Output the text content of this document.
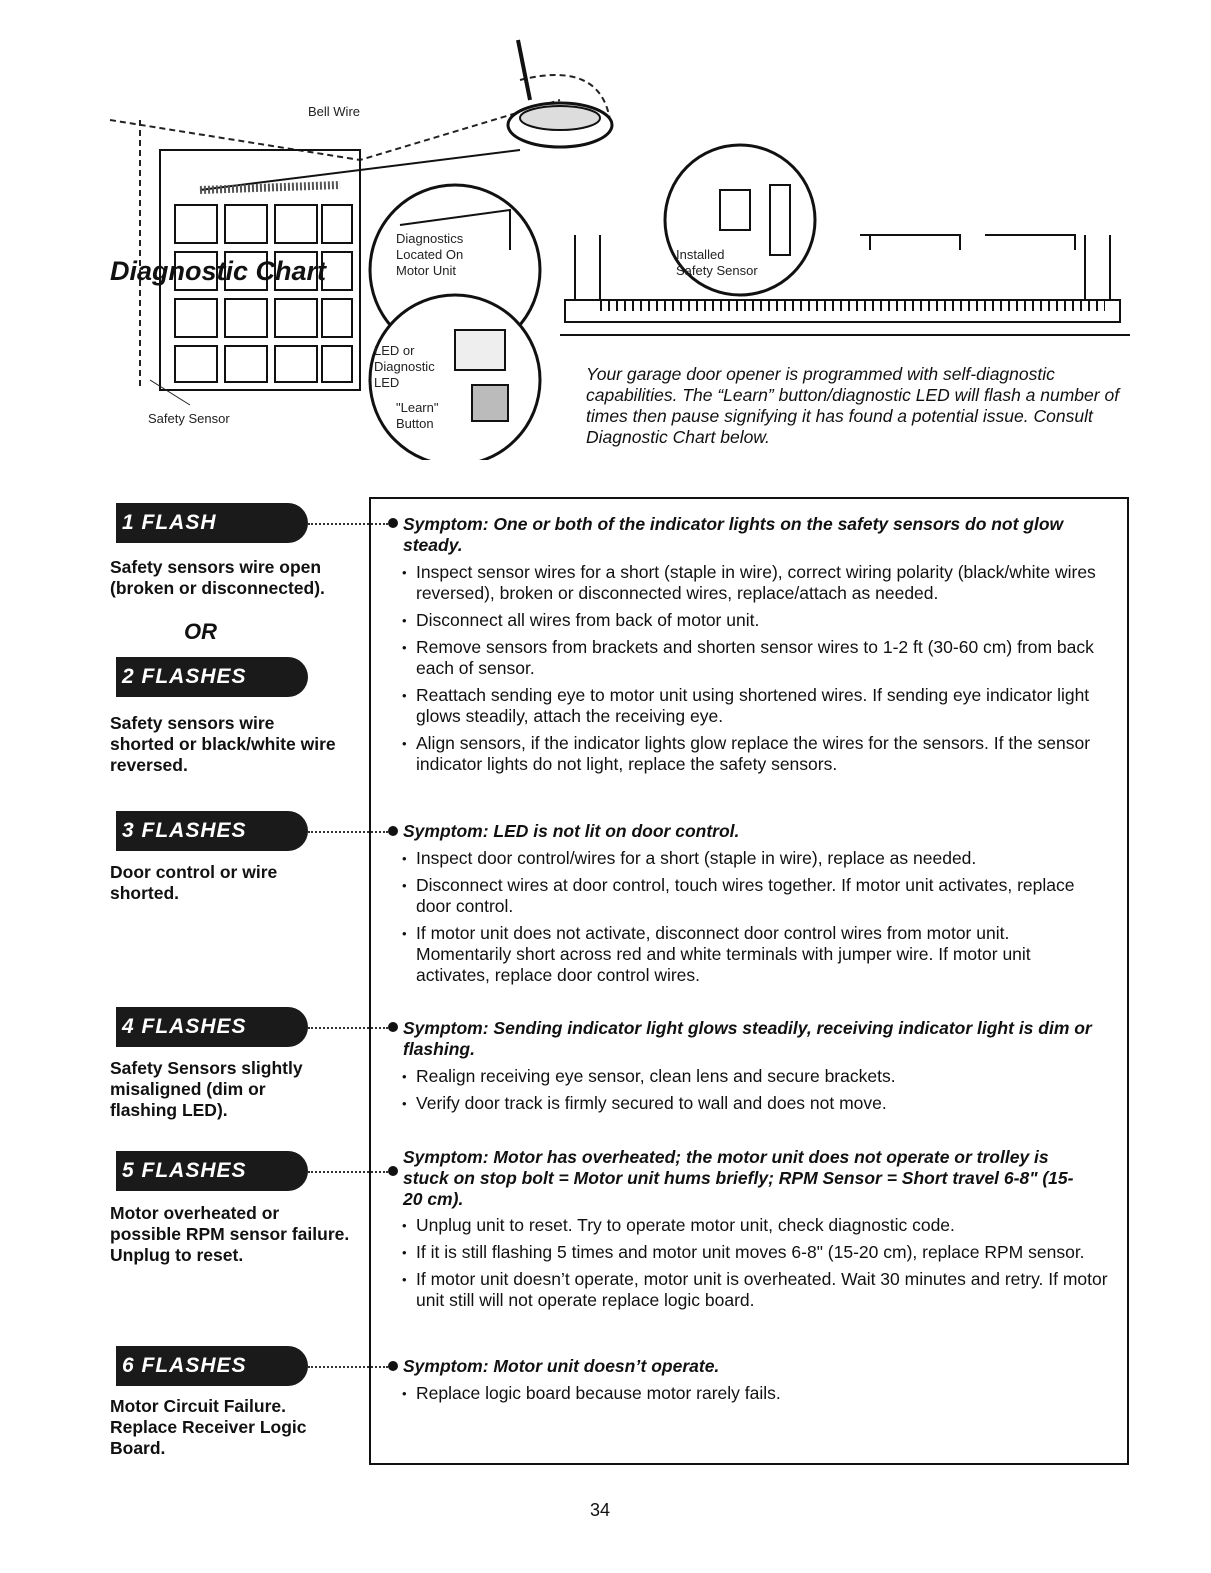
Bell Wire
Diagnostics
Located On
Motor Unit
LED or
Diagnostic
LED
"Learn"
Button
Installed
Safety Sensor
Safety Sensor
Your garage door opener is programmed with self-diagnostic capabilities. The “Learn” button/diagnostic LED will flash a number of times then pause signifying it has found a potential issue. Consult Diagnostic Chart below.
Diagnostic Chart
1 FLASH
Safety sensors wire open (broken or disconnected).
OR
2 FLASHES
Safety sensors wire shorted or black/white wire reversed.
3 FLASHES
Door control or wire shorted.
4 FLASHES
Safety Sensors slightly misaligned (dim or flashing LED).
5 FLASHES
Motor overheated or possible RPM sensor failure. Unplug to reset.
6 FLASHES
Motor Circuit Failure. Replace Receiver Logic Board.
Symptom: One or both of the indicator lights on the safety sensors do not glow steady.
• Inspect sensor wires for a short (staple in wire), correct wiring polarity (black/white wires reversed), broken or disconnected wires, replace/attach as needed.
• Disconnect all wires from back of motor unit.
• Remove sensors from brackets and shorten sensor wires to 1-2 ft (30-60 cm) from back each of sensor.
• Reattach sending eye to motor unit using shortened wires. If sending eye indicator light glows steadily, attach the receiving eye.
• Align sensors, if the indicator lights glow replace the wires for the sensors. If the sensor indicator lights do not light, replace the safety sensors.
Symptom: LED is not lit on door control.
• Inspect door control/wires for a short (staple in wire), replace as needed.
• Disconnect wires at door control, touch wires together. If motor unit activates, replace door control.
• If motor unit does not activate, disconnect door control wires from motor unit. Momentarily short across red and white terminals with jumper wire. If motor unit activates, replace door control wires.
Symptom: Sending indicator light glows steadily, receiving indicator light is dim or flashing.
• Realign receiving eye sensor, clean lens and secure brackets.
• Verify door track is firmly secured to wall and does not move.
Symptom: Motor has overheated; the motor unit does not operate or trolley is stuck on stop bolt = Motor unit hums briefly; RPM Sensor = Short travel 6-8" (15-20 cm).
• Unplug unit to reset. Try to operate motor unit, check diagnostic code.
• If it is still flashing 5 times and motor unit moves 6-8" (15-20 cm), replace RPM sensor.
• If motor unit doesn’t operate, motor unit is overheated. Wait 30 minutes and retry. If motor unit still will not operate replace logic board.
Symptom: Motor unit doesn’t operate.
• Replace logic board because motor rarely fails.
34
